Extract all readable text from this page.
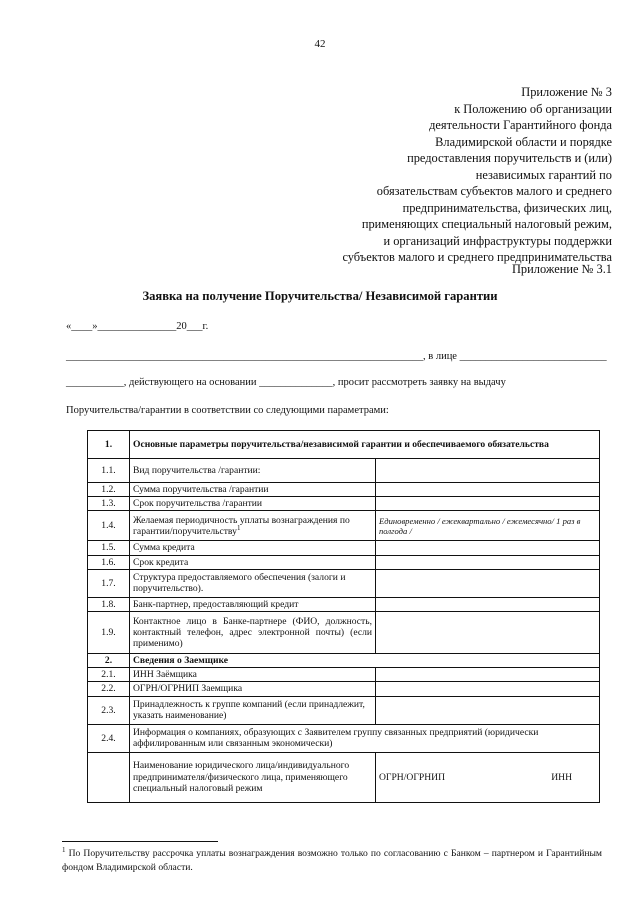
42
Приложение № 3
к Положению об организации
деятельности Гарантийного фонда
Владимирской области и порядке
предоставления поручительств и (или)
независимых гарантий по
обязательствам субъектов малого и среднего
предпринимательства, физических лиц,
применяющих специальный налоговый режим,
и организаций инфраструктуры поддержки
субъектов малого и среднего предпринимательства
Приложение № 3.1
Заявка на получение Поручительства/ Независимой гарантии
«____»_______________20___г.
____________________________________________________________________, в лице ____________________________
___________, действующего на основании ______________, просит рассмотреть заявку на выдачу
Поручительства/гарантии в соответствии со следующими параметрами:
1.	Основные параметры поручительства/независимой гарантии и обеспечиваемого обязательства	
1.1.	Вид поручительства /гарантии:	
1.2.	Сумма поручительства /гарантии	
1.3.	Срок поручительства /гарантии	
1.4.	Желаемая периодичность уплаты вознаграждения по гарантии/поручительству$^1$	Единовременно / ежеквартально / ежемесячно/ 1 раз в полгода /
1.5.	Сумма кредита	
1.6.	Срок кредита	
1.7.	Структура предоставляемого обеспечения (залоги и поручительство).	
1.8.	Банк-партнер, предоставляющий кредит	
1.9.	Контактное лицо в Банке-партнере (ФИО, должность, контактный телефон, адрес электронной почты) (если применимо)	
2.	Сведения о Заемщике	
2.1.	ИНН Заёмщика	
2.2.	ОГРН/ОГРНИП Заемщика	
2.3.	Принадлежность к группе компаний (если принадлежит, указать наименование)	
2.4.	Информация о компаниях, образующих с Заявителем группу связанных предприятий (юридически аффилированным или связанным экономически)	
	Наименование юридического лица/индивидуального предпринимателя/физического лица, применяющего специальный налоговый режим	ОГРН/ОГРНИП ИНН
$^1$ По Поручительству рассрочка уплаты вознаграждения возможно только по согласованию с Банком – партнером и Гарантийным фондом Владимирской области.
